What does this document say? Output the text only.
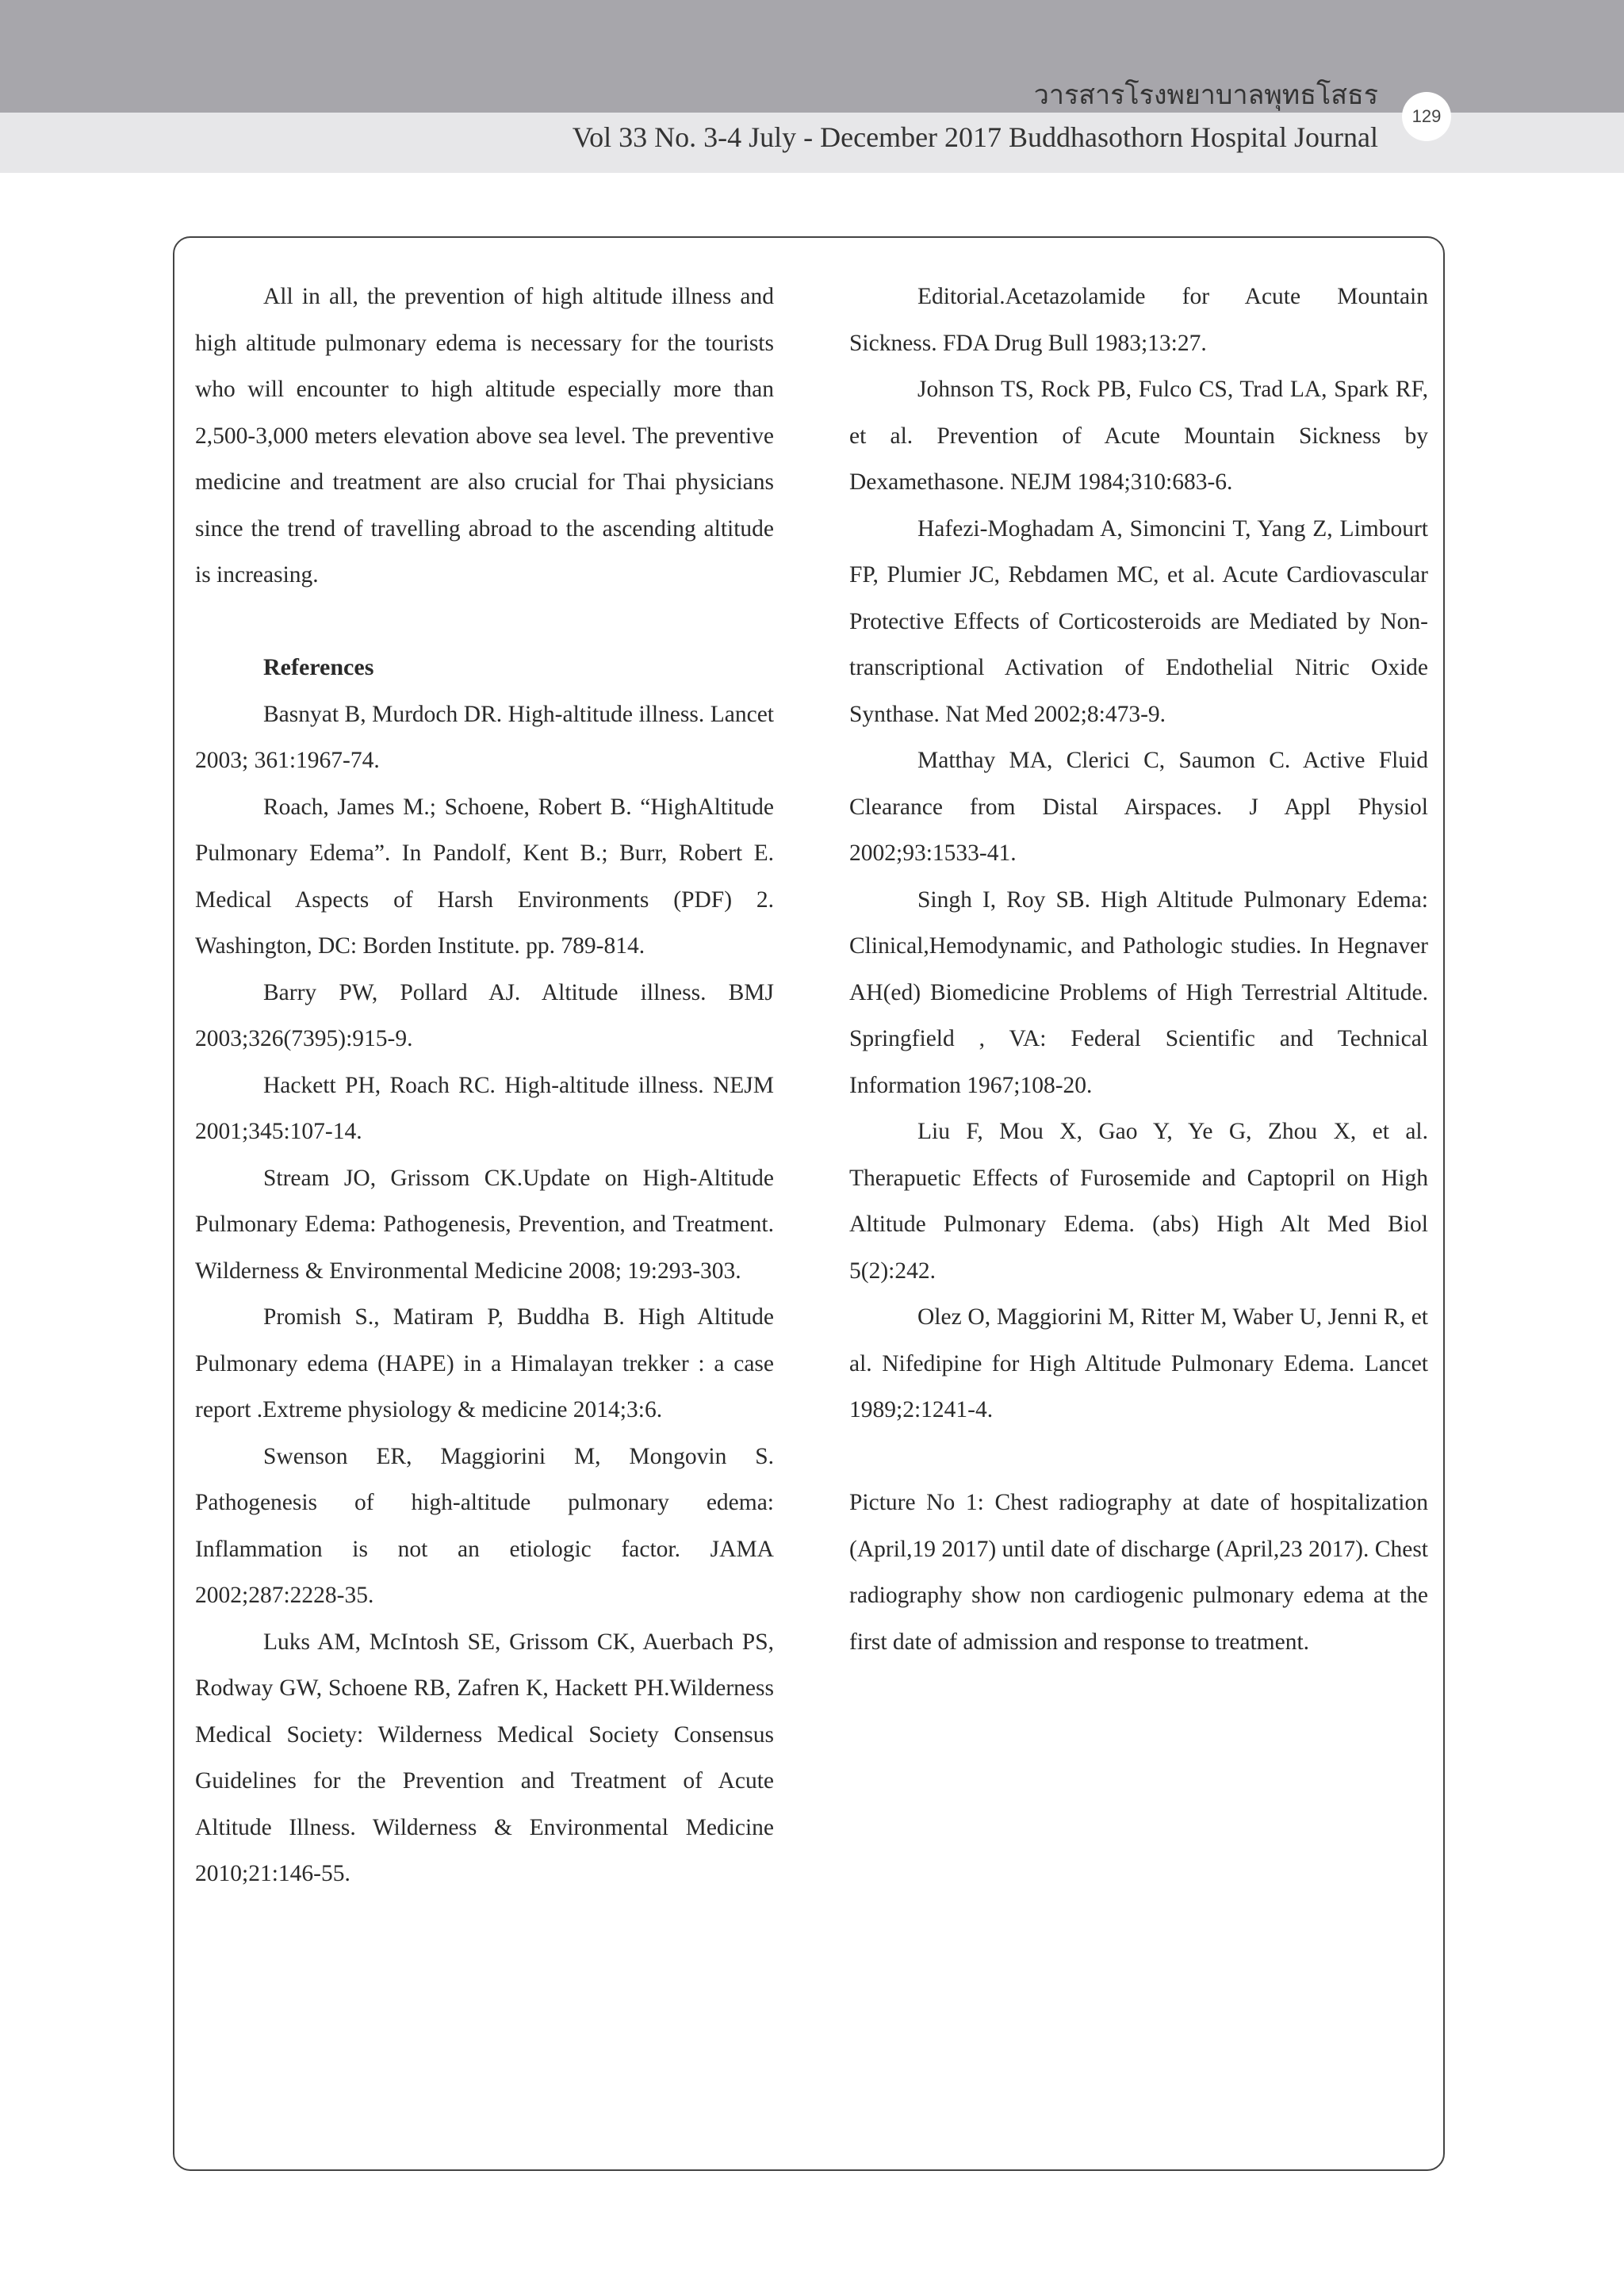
วารสารโรงพยาบาลพุทธโสธร
Vol 33 No. 3-4 July - December 2017 Buddhasothorn Hospital Journal
129

All in all, the prevention of high altitude illness and high altitude pulmonary edema is necessary for the tourists who will encounter to high altitude especially more than 2,500-3,000 meters elevation above sea level. The preventive medicine and treatment are also crucial for Thai physicians since the trend of travelling abroad to the ascending altitude is increasing.

References

Basnyat B, Murdoch DR. High-altitude illness. Lancet 2003; 361:1967-74.

Roach, James M.; Schoene, Robert B. “HighAltitude Pulmonary Edema”. In Pandolf, Kent B.; Burr, Robert E. Medical Aspects of Harsh Environments (PDF) 2. Washington, DC: Borden Institute. pp. 789-814.

Barry PW, Pollard AJ. Altitude illness. BMJ 2003;326(7395):915-9.

Hackett PH, Roach RC. High-altitude illness. NEJM 2001;345:107-14.

Stream JO, Grissom CK.Update on High-Altitude Pulmonary Edema: Pathogenesis, Prevention, and Treatment. Wilderness & Environmental Medicine 2008; 19:293-303.

Promish S., Matiram P, Buddha B. High Altitude Pulmonary edema (HAPE) in a Himalayan trekker : a case report .Extreme physiology & medicine 2014;3:6.

Swenson ER, Maggiorini M, Mongovin S. Pathogenesis of high-altitude pulmonary edema: Inflammation is not an etiologic factor. JAMA 2002;287:2228-35.

Luks AM, McIntosh SE, Grissom CK, Auerbach PS, Rodway GW, Schoene RB, Zafren K, Hackett PH.Wilderness Medical Society: Wilderness Medical Society Consensus Guidelines for the Prevention and Treatment of Acute Altitude Illness. Wilderness & Environmental Medicine 2010;21:146-55.

Editorial.Acetazolamide for Acute Mountain Sickness. FDA Drug Bull 1983;13:27.

Johnson TS, Rock PB, Fulco CS, Trad LA, Spark RF, et al. Prevention of Acute Mountain Sickness by Dexamethasone. NEJM 1984;310:683-6.

Hafezi-Moghadam A, Simoncini T, Yang Z, Limbourt FP, Plumier JC, Rebdamen MC, et al. Acute Cardiovascular Protective Effects of Corticosteroids are Mediated by Non-transcriptional Activation of Endothelial Nitric Oxide Synthase. Nat Med 2002;8:473-9.

Matthay MA, Clerici C, Saumon C. Active Fluid Clearance from Distal Airspaces. J Appl Physiol 2002;93:1533-41.

Singh I, Roy SB. High Altitude Pulmonary Edema: Clinical,Hemodynamic, and Pathologic studies. In Hegnaver AH(ed) Biomedicine Problems of High Terrestrial Altitude. Springfield , VA: Federal Scientific and Technical Information 1967;108-20.

Liu F, Mou X, Gao Y, Ye G, Zhou X, et al. Therapuetic Effects of Furosemide and Captopril on High Altitude Pulmonary Edema. (abs) High Alt Med Biol 5(2):242.

Olez O, Maggiorini M, Ritter M, Waber U, Jenni R, et al. Nifedipine for High Altitude Pulmonary Edema. Lancet 1989;2:1241-4.

Picture No 1: Chest radiography at date of hospitalization (April,19 2017) until date of discharge (April,23 2017). Chest radiography show non cardiogenic pulmonary edema at the first date of admission and response to treatment.
